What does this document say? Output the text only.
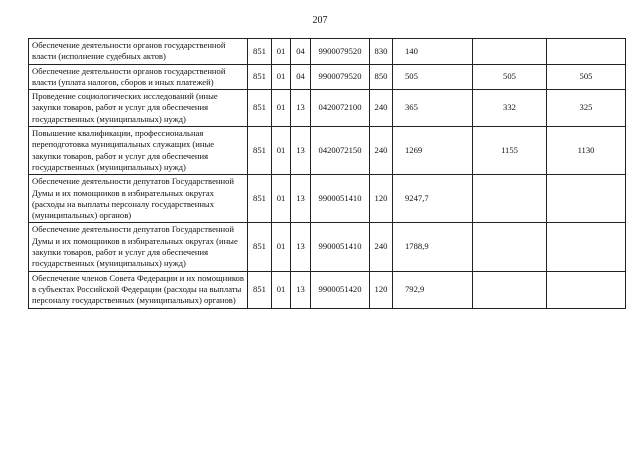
207
Обеспечение деятельности органов государственной власти (исполнение судебных актов)	851	01	04	9900079520	830	140		
Обеспечение деятельности органов государственной власти (уплата налогов, сборов и иных платежей)	851	01	04	9900079520	850	505	505	505
Проведение социологических исследований (иные закупки товаров, работ и услуг для обеспечения государственных (муниципальных) нужд)	851	01	13	0420072100	240	365	332	325
Повышение квалификации, профессиональная переподготовка муниципальных служащих (иные закупки товаров, работ и услуг для обеспечения государственных (муниципальных) нужд)	851	01	13	0420072150	240	1269	1155	1130
Обеспечение деятельности депутатов Государственной Думы и их помощников в избирательных округах (расходы на выплаты персоналу государственных (муниципальных) органов)	851	01	13	9900051410	120	9247,7		
Обеспечение деятельности депутатов Государственной Думы и их помощников в избирательных округах (иные закупки товаров, работ и услуг для обеспечения государственных (муниципальных) нужд)	851	01	13	9900051410	240	1788,9		
Обеспечение членов Совета Федерации и их помощников в субъектах Российской Федерации (расходы на выплаты персоналу государственных (муниципальных) органов)	851	01	13	9900051420	120	792,9		
